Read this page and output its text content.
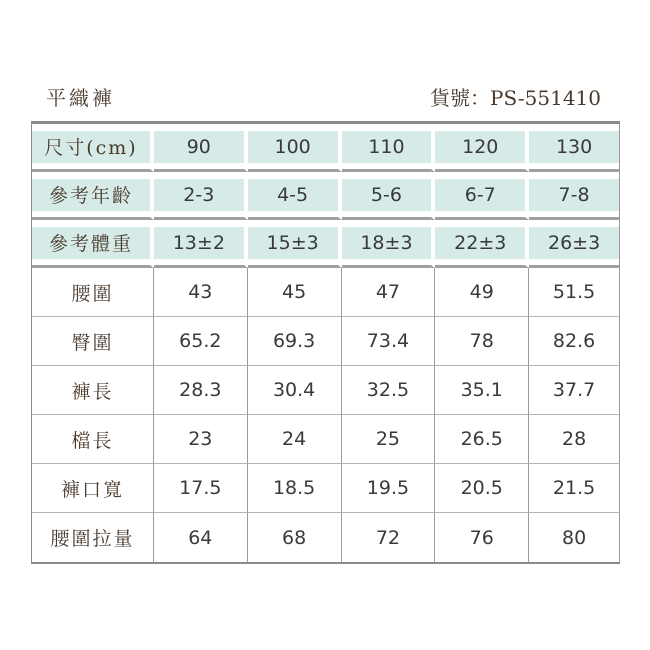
平織褲	貨號：PS-551410
尺寸(cm)	90	100	110	120	130
參考年齡	2-3	4-5	5-6	6-7	7-8
參考體重	13±2	15±3	18±3	22±3	26±3
腰圍	43	45	47	49	51.5
臀圍	65.2	69.3	73.4	78	82.6
褲長	28.3	30.4	32.5	35.1	37.7
檔長	23	24	25	26.5	28
褲口寬	17.5	18.5	19.5	20.5	21.5
腰圍拉量	64	68	72	76	80
